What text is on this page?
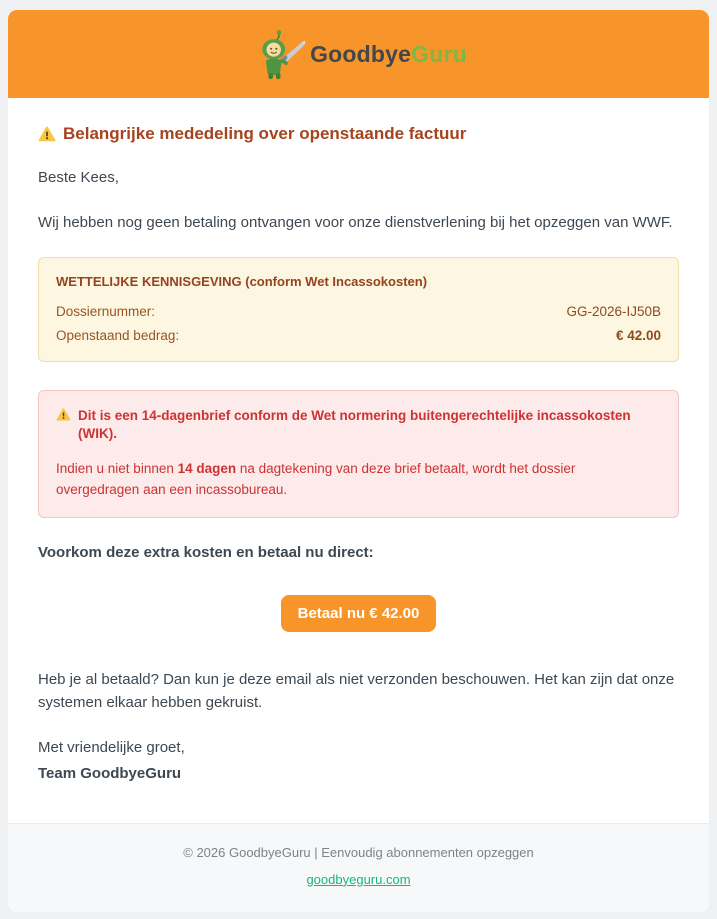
GoodbyeGuru
Belangrijke mededeling over openstaande factuur

Beste Kees,

Wij hebben nog geen betaling ontvangen voor onze dienstverlening bij het opzeggen van WWF.

WETTELIJKE KENNISGEVING (conform Wet Incassokosten)
Dossiernummer:	GG-2026-IJ50B
Openstaand bedrag:	€ 42.00
Dit is een 14-dagenbrief conform de Wet normering buitengerechtelijke incassokosten (WIK).

Indien u niet binnen 14 dagen na dagtekening van deze brief betaalt, wordt het dossier overgedragen aan een incassobureau.

Voorkom deze extra kosten en betaal nu direct:

Betaal nu € 42.00

Heb je al betaald? Dan kun je deze email als niet verzonden beschouwen. Het kan zijn dat onze systemen elkaar hebben gekruist.

Met vriendelijke groet,

Team GoodbyeGuru

© 2026 GoodbyeGuru | Eenvoudig abonnementen opzeggen

goodbyeguru.com
